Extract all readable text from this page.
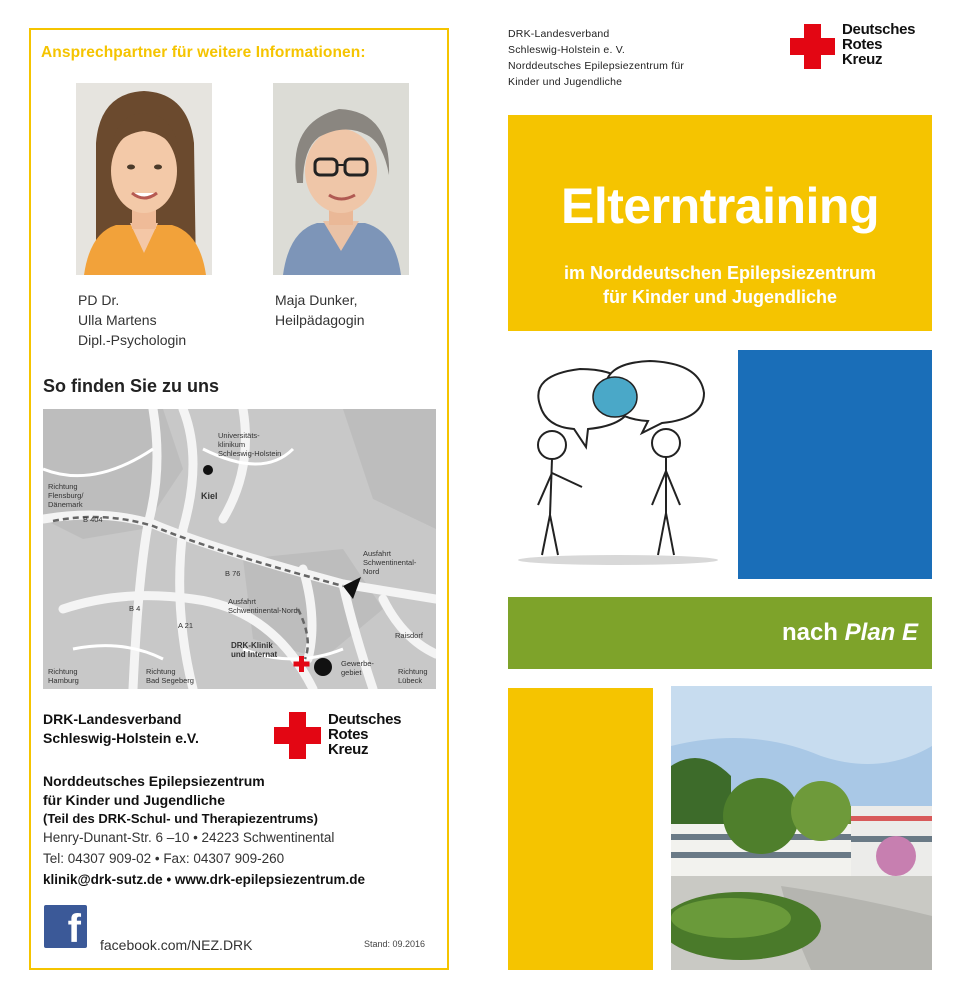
Ansprechpartner für weitere Informationen:
PD Dr.
Ulla Martens
Dipl.-Psychologin
Maja Dunker,
Heilpädagogin
So finden Sie zu uns
Universitäts-
klinikum
Schleswig-Holstein
Kiel
Richtung
Flensburg/
Dänemark
Ausfahrt
Schwentinental-
Nord
Ausfahrt
Schwentinental-Nord
DRK-Klinik
und Internat
Gewerbe-
gebiet
Raisdorf
Richtung
Hamburg
Richtung
Bad Segeberg
Richtung
Lübeck
B 76
B 4
A 21
B 404
DRK-Landesverband
Schleswig-Holstein e.V.
Deutsches
Rotes
Kreuz
Norddeutsches Epilepsiezentrum
für Kinder und Jugendliche
(Teil des DRK-Schul- und Therapiezentrums)
Henry-Dunant-Str. 6 –10 • 24223 Schwentinental
Tel: 04307 909-02 • Fax: 04307 909-260
klinik@drk-sutz.de • www.drk-epilepsiezentrum.de
f facebook.com/NEZ.DRK	Stand: 09.2016
DRK-Landesverband
Schleswig-Holstein e. V.
Norddeutsches Epilepsiezentrum für
Kinder und Jugendliche
Deutsches
Rotes
Kreuz
Elterntraining
im Norddeutschen Epilepsiezentrum
für Kinder und Jugendliche
nach Plan E
